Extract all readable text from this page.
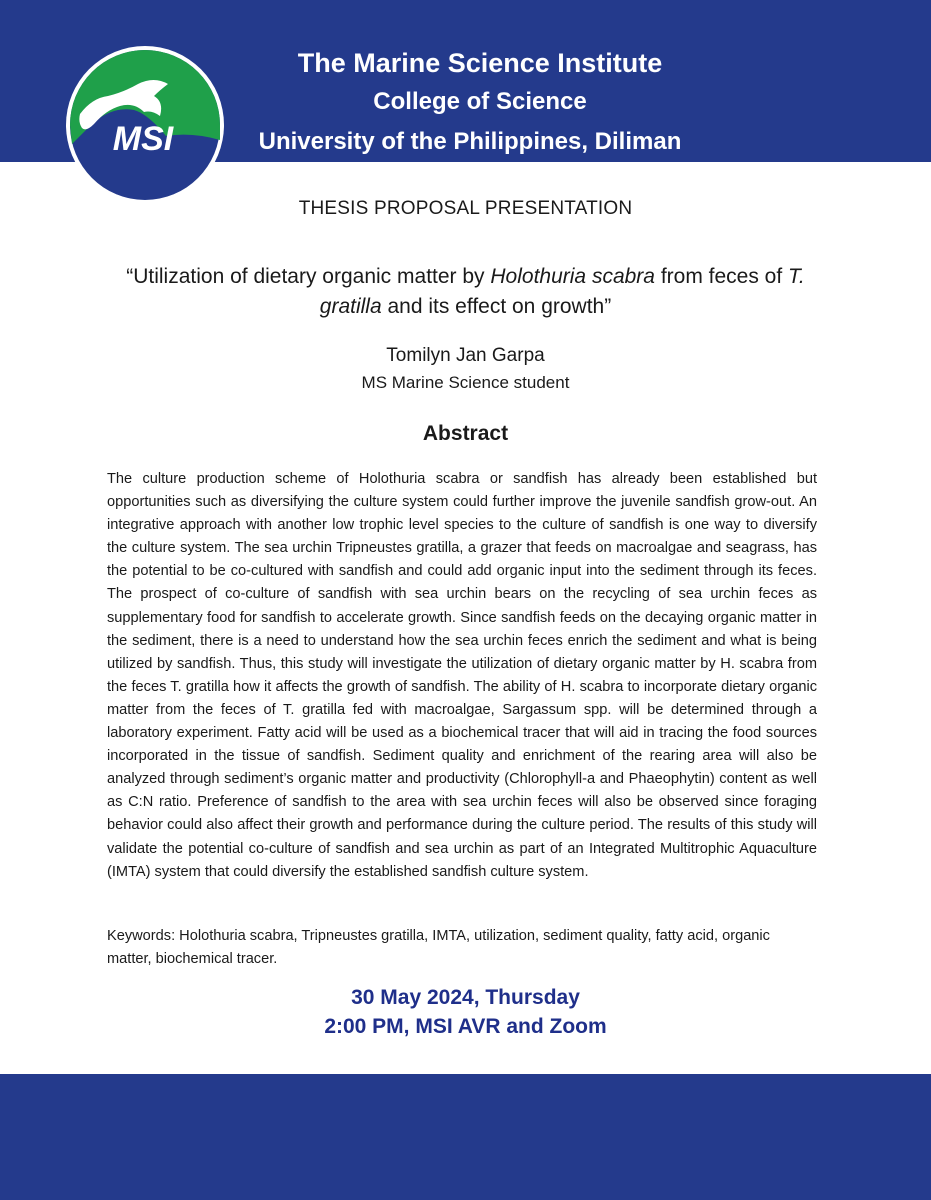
MSI
The Marine Science Institute
College of Science
University of the Philippines, Diliman
THESIS PROPOSAL PRESENTATION
“Utilization of dietary organic matter by Holothuria scabra from feces of T. gratilla and its effect on growth”
Tomilyn Jan Garpa
MS Marine Science student
Abstract
The culture production scheme of Holothuria scabra or sandfish has already been established but opportunities such as diversifying the culture system could further improve the juvenile sandfish grow-out. An integrative approach with another low trophic level species to the culture of sandfish is one way to diversify the culture system. The sea urchin Tripneustes gratilla, a grazer that feeds on macroalgae and seagrass, has the potential to be co-cultured with sandfish and could add organic input into the sediment through its feces. The prospect of co-culture of sandfish with sea urchin bears on the recycling of sea urchin feces as supplementary food for sandfish to accelerate growth. Since sandfish feeds on the decaying organic matter in the sediment, there is a need to understand how the sea urchin feces enrich the sediment and what is being utilized by sandfish. Thus, this study will investigate the utilization of dietary organic matter by H. scabra from the feces T. gratilla how it affects the growth of sandfish. The ability of H. scabra to incorporate dietary organic matter from the feces of T. gratilla fed with macroalgae, Sargassum spp. will be determined through a laboratory experiment. Fatty acid will be used as a biochemical tracer that will aid in tracing the food sources incorporated in the tissue of sandfish. Sediment quality and enrichment of the rearing area will also be analyzed through sediment’s organic matter and productivity (Chlorophyll-a and Phaeophytin) content as well as C:N ratio. Preference of sandfish to the area with sea urchin feces will also be observed since foraging behavior could also affect their growth and performance during the culture period. The results of this study will validate the potential co-culture of sandfish and sea urchin as part of an Integrated Multitrophic Aquaculture (IMTA) system that could diversify the established sandfish culture system.
Keywords: Holothuria scabra, Tripneustes gratilla, IMTA, utilization, sediment quality, fatty acid, organic matter, biochemical tracer.
30 May 2024, Thursday
2:00 PM, MSI AVR and Zoom
